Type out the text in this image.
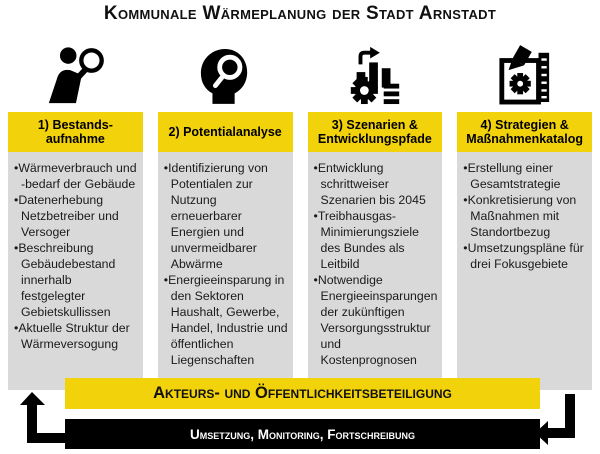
Kommunale Wärmeplanung der Stadt Arnstadt
1) Bestands-aufnahme
• Wärmeverbrauch und -bedarf der Gebäude
• Datenerhebung Netzbetreiber und Versoger
• Beschreibung Gebäudebestand innerhalb festgelegter Gebietskullissen
• Aktuelle Struktur der Wärmeversogung
2) Potentialanalyse
• Identifizierung von Potentialen zur Nutzung erneuerbarer Energien und unvermeidbarer Abwärme
• Energieeinsparung in den Sektoren Haushalt, Gewerbe, Handel, Industrie und öffentlichen Liegenschaften
3) Szenarien & Entwicklungspfade
• Entwicklung schrittweiser Szenarien bis 2045
• Treibhausgas-Minimierungsziele des Bundes als Leitbild
• Notwendige Energieeinsparungen der zukünftigen Versorgungsstruktur und Kostenprognosen
4) Strategien & Maßnahmenkatalog
• Erstellung einer Gesamtstrategie
• Konkretisierung von Maßnahmen mit Standortbezug
• Umsetzungspläne für drei Fokusgebiete
Akteurs- und Öffentlichkeitsbeteiligung
Umsetzung, Monitoring, Fortschreibung
